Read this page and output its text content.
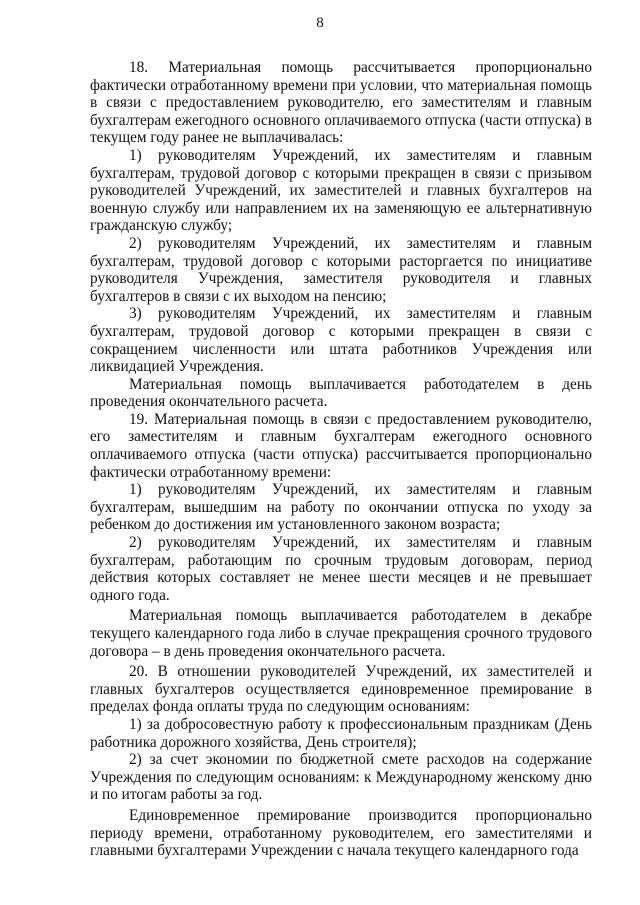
8

18. Материальная помощь рассчитывается пропорционально фактически отработанному времени при условии, что материальная помощь в связи с предоставлением руководителю, его заместителям и главным бухгалтерам ежегодного основного оплачиваемого отпуска (части отпуска) в текущем году ранее не выплачивалась:

1) руководителям Учреждений, их заместителям и главным бухгалтерам, трудовой договор с которыми прекращен в связи с призывом руководителей Учреждений, их заместителей и главных бухгалтеров на военную службу или направлением их на заменяющую ее альтернативную гражданскую службу;

2) руководителям Учреждений, их заместителям и главным бухгалтерам, трудовой договор с которыми расторгается по инициативе руководителя Учреждения, заместителя руководителя и главных бухгалтеров в связи с их выходом на пенсию;

3) руководителям Учреждений, их заместителям и главным бухгалтерам, трудовой договор с которыми прекращен в связи с сокращением численности или штата работников Учреждения или ликвидацией Учреждения.

Материальная помощь выплачивается работодателем в день проведения окончательного расчета.

19. Материальная помощь в связи с предоставлением руководителю, его заместителям и главным бухгалтерам ежегодного основного оплачиваемого отпуска (части отпуска) рассчитывается пропорционально фактически отработанному времени:

1) руководителям Учреждений, их заместителям и главным бухгалтерам, вышедшим на работу по окончании отпуска по уходу за ребенком до достижения им установленного законом возраста;

2) руководителям Учреждений, их заместителям и главным бухгалтерам, работающим по срочным трудовым договорам, период действия которых составляет не менее шести месяцев и не превышает одного года.

Материальная помощь выплачивается работодателем в декабре текущего календарного года либо в случае прекращения срочного трудового договора – в день проведения окончательного расчета.

20. В отношении руководителей Учреждений, их заместителей и главных бухгалтеров осуществляется единовременное премирование в пределах фонда оплаты труда по следующим основаниям:

1) за добросовестную работу к профессиональным праздникам (День работника дорожного хозяйства, День строителя);

2) за счет экономии по бюджетной смете расходов на содержание Учреждения по следующим основаниям: к Международному женскому дню и по итогам работы за год.

Единовременное премирование производится пропорционально периоду времени, отработанному руководителем, его заместителями и главными бухгалтерами Учреждении с начала текущего календарного года
